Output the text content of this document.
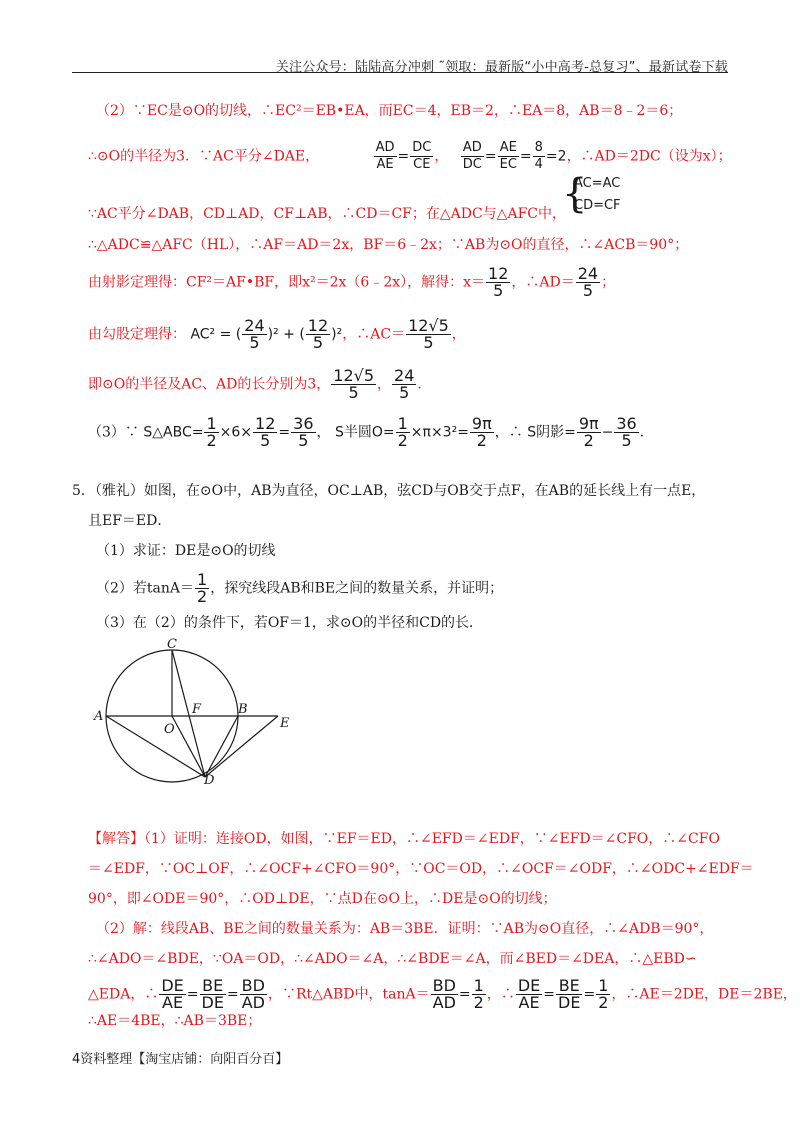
关注公众号：陆陆高分冲刺 ˜领取：最新版“小中高考-总复习”、最新试卷下载
（2）∵EC是⊙O的切线，∴EC²＝EB•EA，而EC＝4，EB＝2，∴EA＝8，AB＝8﹣2＝6；
∴⊙O的半径为3．∵AC平分∠DAE，	$\frac{AD}{AE} = \frac{DC}{CE}$ ， $\frac{AD}{DC} = \frac{AE}{EC} = \frac{8}{4} =2$，∴AD＝2DC（设为x）；
∵AC平分∠DAB，CD⊥AD，CF⊥AB，∴CD＝CF；在△ADC与△AFC中，
{
AC=AC
CD=CF
∴△ADC≌△AFC（HL），∴AF＝AD＝2x，BF＝6﹣2x；∵AB为⊙O的直径，∴∠ACB＝90°；
由射影定理得：CF²＝AF•BF，即x²＝2x（6﹣2x），解得：$x= \frac{12}{5}$ ，∴AD＝ $\frac{24}{5}$ ；
由勾股定理得： AC² = ( $\frac{24}{5} )^2$ + ( $\frac{12}{5} )^2$，∴AC＝ $\frac{12√5}{5}$ ，
即⊙O的半径及AC、AD的长分别为3， $\frac{12√5}{5}$ ， $\frac{24}{5}$ ．
（3）∵ S△ABC= $\frac{1}{2} \times 6\times \frac{12}{5} = \frac{36}{5}$ ， S半圆$O= \frac{1}{2} \times\pi\times 3^2= \frac{9\pi}{2}$ ，∴ S阴影= $\frac{9\pi}{2} - \frac{36}{5}$ ．
5．（雅礼）如图，在⊙O中，AB为直径，OC⊥AB，弦CD与OB交于点F，在AB的延长线上有一点E，
且EF＝ED．
（1）求证：DE是⊙O的切线
（2）若$\tan A= \frac{1}{2}$ ，探究线段AB和BE之间的数量关系，并证明；
（3）在（2）的条件下，若OF＝1，求⊙O的半径和CD的长．
A
O
F	B
E
C
D
【解答】（1）证明：连接OD，如图，∵EF＝ED，∴∠EFD＝∠EDF，∵∠EFD＝∠CFO，∴∠CFO
＝∠EDF，∵OC⊥OF，∴∠OCF+∠CFO＝90°，∵OC＝OD，∴∠OCF＝∠ODF，∴∠ODC+∠EDF＝
90°，即∠ODE＝90°，∴OD⊥DE，∵点D在⊙O上，∴DE是⊙O的切线；
（2）解：线段AB、BE之间的数量关系为：AB＝3BE．证明：∵AB为⊙O直径，∴∠ADB＝90°，
∴∠ADO＝∠BDE，∵OA＝OD，∴∠ADO＝∠A，∴∠BDE＝∠A，而∠BED＝∠DEA，∴△EBD∽
△EDA，∴ $\frac{DE}{AE} = \frac{BE}{DE} = \frac{BD}{AD}$ ，∵Rt△ABD中，$\tan A= \frac{BD}{AD} = \frac{1}{2}$ ，∴ $\frac{DE}{AE} = \frac{BE}{DE} = \frac{1}{2}$ ，∴AE＝2DE，DE＝2BE，
∴AE＝4BE，∴AB＝3BE；
4资料整理【淘宝店铺：向阳百分百】
